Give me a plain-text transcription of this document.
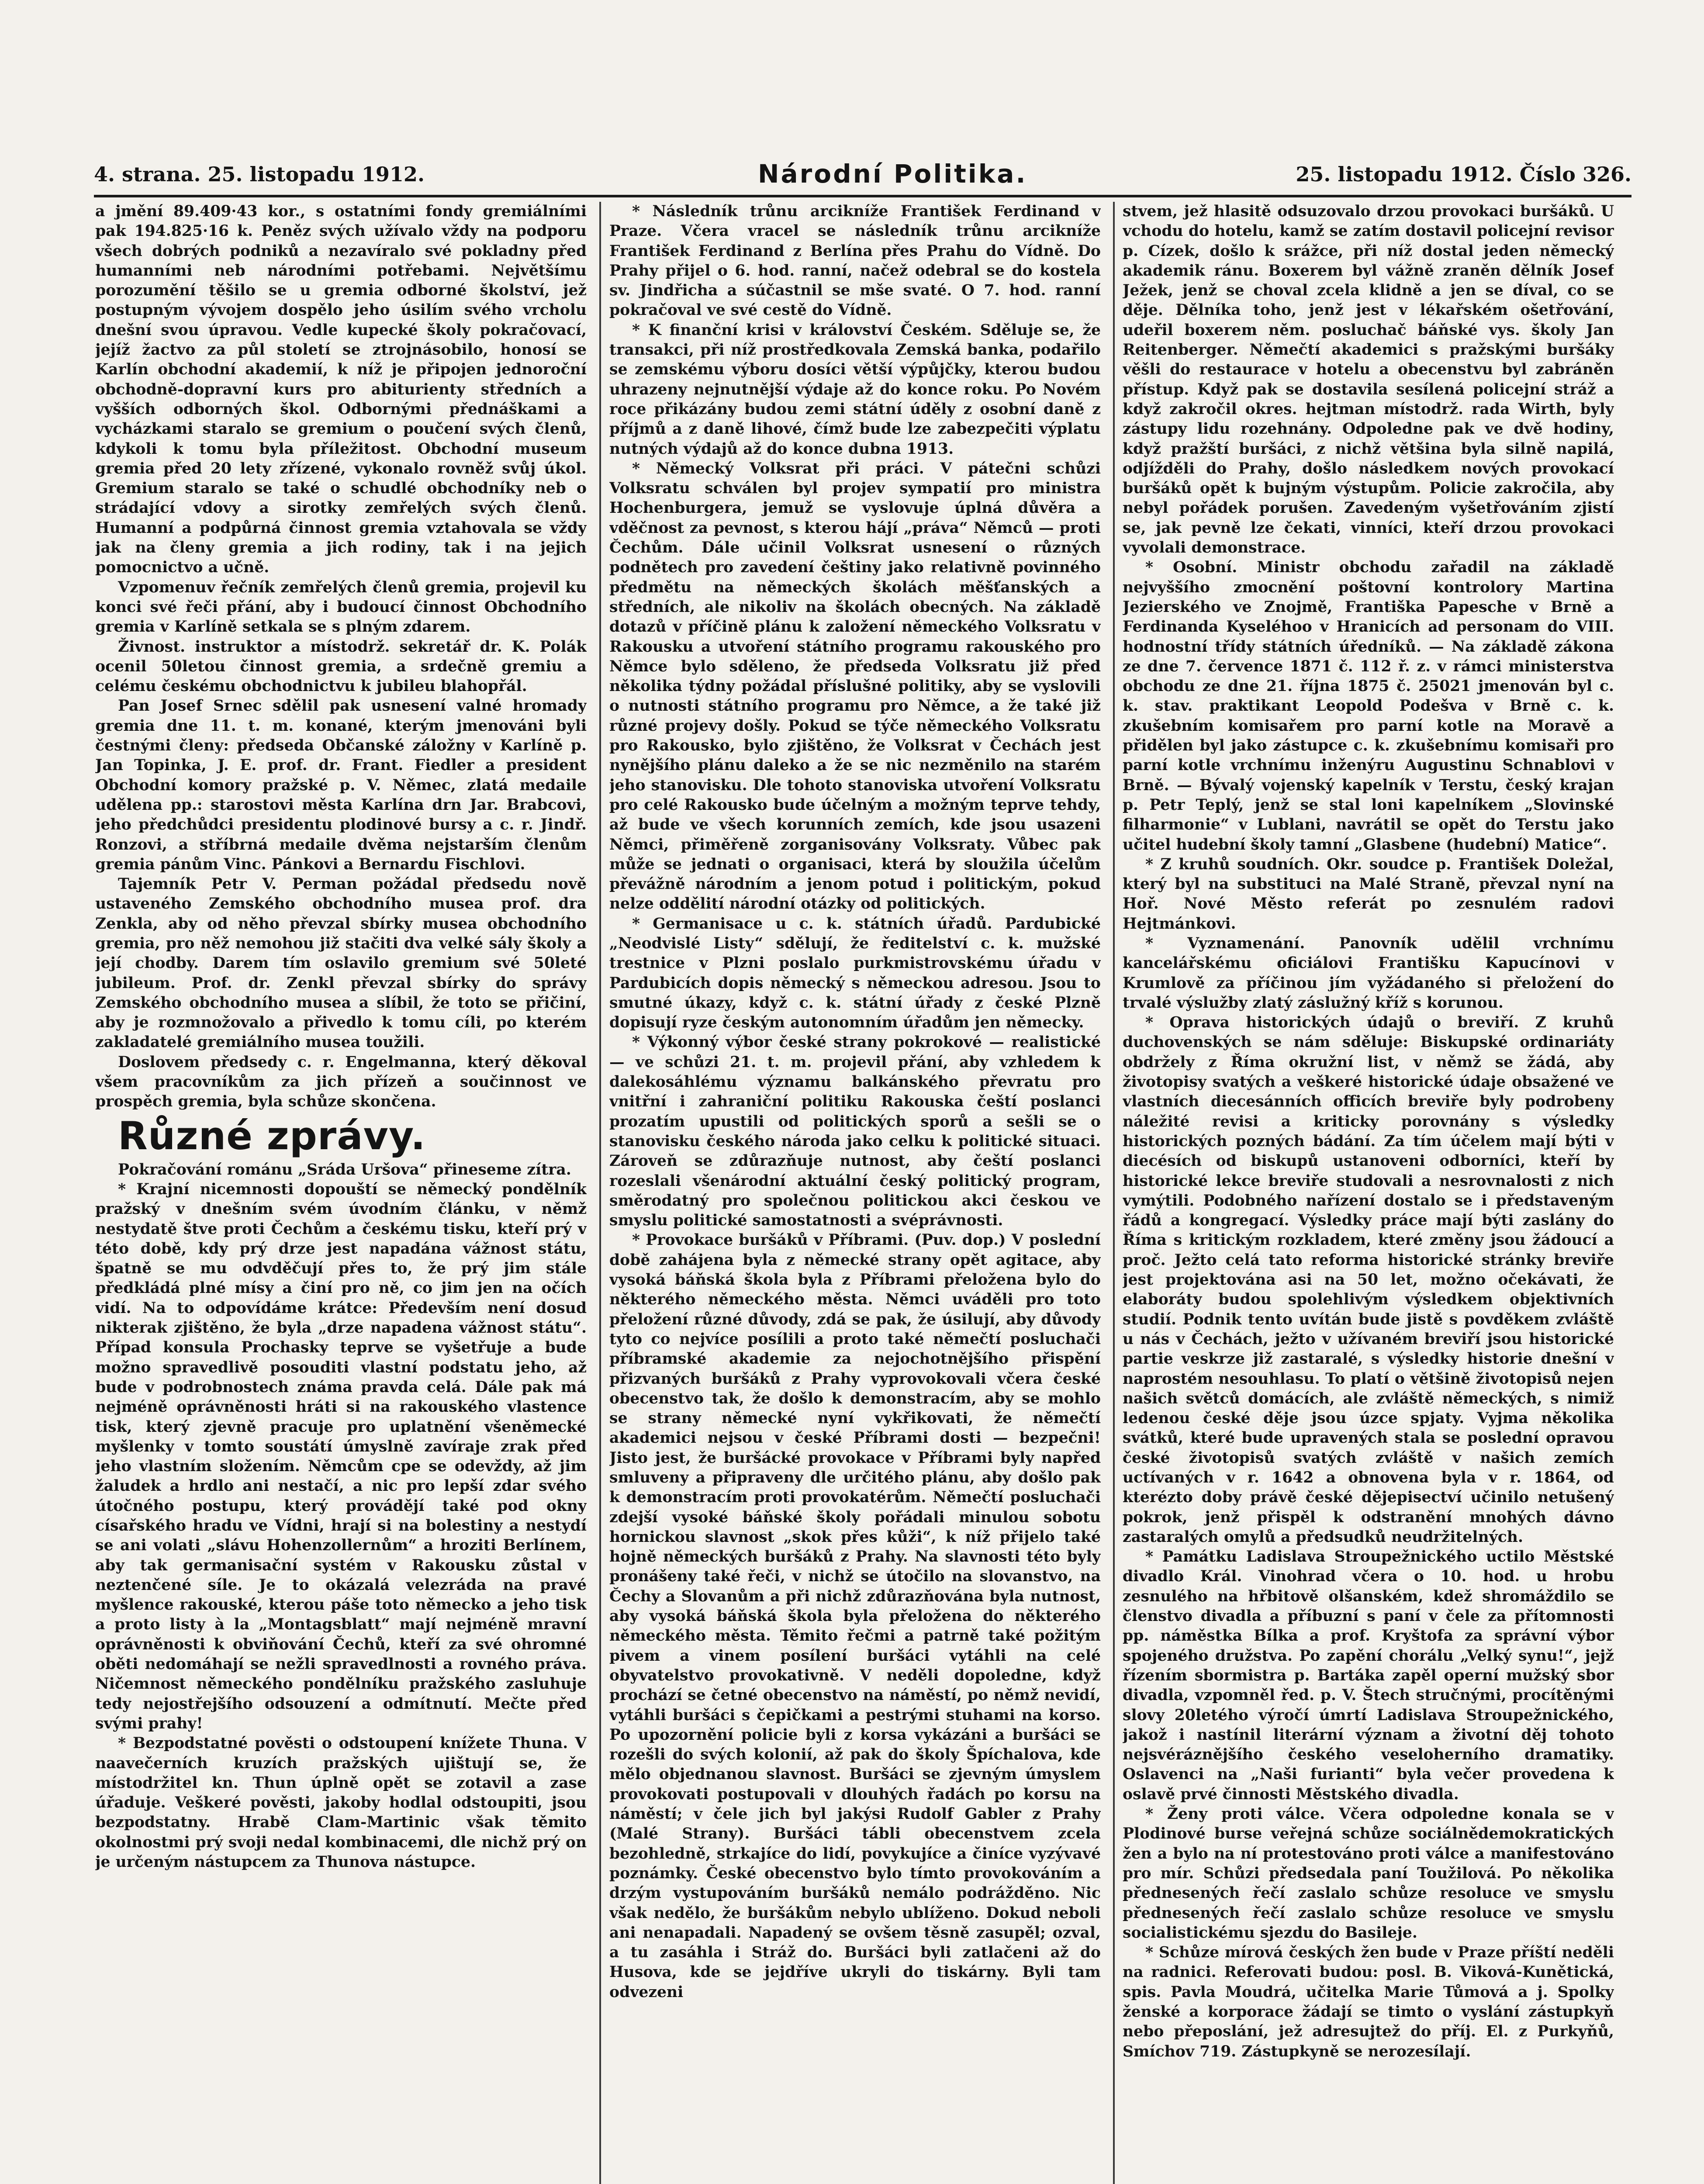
4. strana. 25. listopadu 1912.	Národní Politika.	25. listopadu 1912. Číslo 326.

a jmění 89.409·43 kor., s ostatními fondy gremiálními pak 194.825·16 k. Peněz svých užívalo vždy na podporu všech dobrých podniků a nezavíralo své pokladny před humanními neb národními potřebami. Největšímu porozumění těšilo se u gremia odborné školství, jež postupným vývojem dospělo jeho úsilím svého vrcholu dnešní svou úpravou. Vedle kupecké školy pokračovací, jejíž žactvo za půl století se ztrojnásobilo, honosí se Karlín obchodní akademií, k níž je připojen jednoroční obchodně-dopravní kurs pro abiturienty středních a vyšších odborných škol. Odbornými přednáškami a vycházkami staralo se gremium o poučení svých členů, kdykoli k tomu byla příležitost. Obchodní museum gremia před 20 lety zřízené, vykonalo rovněž svůj úkol. Gremium staralo se také o schudlé obchodníky neb o strádající vdovy a sirotky zemřelých svých členů. Humanní a podpůrná činnost gremia vztahovala se vždy jak na členy gremia a jich rodiny, tak i na jejich pomocnictvo a učně.

Vzpomenuv řečník zemřelých členů gremia, projevil ku konci své řeči přání, aby i budoucí činnost Obchodního gremia v Karlíně setkala se s plným zdarem.

Živnost. instruktor a místodrž. sekretář dr. K. Polák ocenil 50letou činnost gremia, a srdečně gremiu a celému českému obchodnictvu k jubileu blahopřál.

Pan Josef Srnec sdělil pak usnesení valné hromady gremia dne 11. t. m. konané, kterým jmenováni byli čestnými členy: předseda Občanské záložny v Karlíně p. Jan Topinka, J. E. prof. dr. Frant. Fiedler a president Obchodní komory pražské p. V. Němec, zlatá medaile udělena pp.: starostovi města Karlína drn Jar. Brabcovi, jeho předchůdci presidentu plodinové bursy a c. r. Jindř. Ronzovi, a stříbrná medaile dvěma nejstarším členům gremia pánům Vinc. Pánkovi a Bernardu Fischlovi.

Tajemník Petr V. Perman požádal předsedu nově ustaveného Zemského obchodního musea prof. dra Zenkla, aby od něho převzal sbírky musea obchodního gremia, pro něž nemohou již stačiti dva velké sály školy a její chodby. Darem tím oslavilo gremium své 50leté jubileum. Prof. dr. Zenkl převzal sbírky do správy Zemského obchodního musea a slíbil, že toto se přičiní, aby je rozmnožovalo a přivedlo k tomu cíli, po kterém zakladatelé gremiálního musea toužili.

Doslovem předsedy c. r. Engelmanna, který děkoval všem pracovníkům za jich přízeň a součinnost ve prospěch gremia, byla schůze skončena.

Různé zprávy.

Pokračování románu „Sráda Uršova“ přineseme zítra.

* Krajní nicemnosti dopouští se německý pondělník pražský v dnešním svém úvodním článku, v němž nestydatě štve proti Čechům a českému tisku, kteří prý v této době, kdy prý drze jest napadána vážnost státu, špatně se mu odvděčují přes to, že prý jim stále předkládá plné mísy a činí pro ně, co jim jen na očích vidí. Na to odpovídáme krátce: Především není dosud nikterak zjištěno, že byla „drze napadena vážnost státu“. Případ konsula Prochasky teprve se vyšetřuje a bude možno spravedlivě posouditi vlastní podstatu jeho, až bude v podrobnostech známa pravda celá. Dále pak má nejméně oprávněnosti hráti si na rakouského vlastence tisk, který zjevně pracuje pro uplatnění všeněmecké myšlenky v tomto soustátí úmyslně zavíraje zrak před jeho vlastním složením. Němcům cpe se odevždy, až jim žaludek a hrdlo ani nestačí, a nic pro lepší zdar svého útočného postupu, který provádějí také pod okny císařského hradu ve Vídni, hrají si na bolestiny a nestydí se ani volati „slávu Hohenzollernům“ a hroziti Berlínem, aby tak germanisační systém v Rakousku zůstal v neztenčené síle. Je to okázalá velezráda na pravé myšlence rakouské, kterou páše toto německo a jeho tisk a proto listy à la „Montagsblatt“ mají nejméně mravní oprávněnosti k obviňování Čechů, kteří za své ohromné oběti nedomáhají se nežli spravedlnosti a rovného práva. Ničemnost německého pondělníku pražského zasluhuje tedy nejostřejšího odsouzení a odmítnutí. Mečte před svými prahy!

* Bezpodstatné pověsti o odstoupení knížete Thuna. V naavečerních kruzích pražských ujištují se, že místodržitel kn. Thun úplně opět se zotavil a zase úřaduje. Veškeré pověsti, jakoby hodlal odstoupiti, jsou bezpodstatny. Hrabě Clam-Martinic však těmito okolnostmi prý svoji nedal kombinacemi, dle nichž prý on je určeným nástupcem za Thunova nástupce.

* Následník trůnu arcikníže František Ferdinand v Praze. Včera vracel se následník trůnu arcikníže František Ferdinand z Berlína přes Prahu do Vídně. Do Prahy přijel o 6. hod. ranní, načež odebral se do kostela sv. Jindřicha a súčastnil se mše svaté. O 7. hod. ranní pokračoval ve své cestě do Vídně.

* K finanční krisi v království Českém. Sděluje se, že transakci, při níž prostředkovala Zemská banka, podařilo se zemskému výboru dosíci větší výpůjčky, kterou budou uhrazeny nejnutnější výdaje až do konce roku. Po Novém roce přikázány budou zemi státní úděly z osobní daně z příjmů a z daně lihové, čímž bude lze zabezpečiti výplatu nutných výdajů až do konce dubna 1913.

* Německý Volksrat při práci. V pátečni schůzi Volksratu schválen byl projev sympatií pro ministra Hochenburgera, jemuž se vyslovuje úplná důvěra a vděčnost za pevnost, s kterou hájí „práva“ Němců — proti Čechům. Dále učinil Volksrat usnesení o různých podnětech pro zavedení češtiny jako relativně povinného předmětu na německých školách měšťanských a středních, ale nikoliv na školách obecných. Na základě dotazů v příčině plánu k založení německého Volksratu v Rakousku a utvoření státního programu rakouského pro Němce bylo sděleno, že předseda Volksratu již před několika týdny požádal příslušné politiky, aby se vyslovili o nutnosti státního programu pro Němce, a že také již různé projevy došly. Pokud se týče německého Volksratu pro Rakousko, bylo zjištěno, že Volksrat v Čechách jest nynějšího plánu daleko a že se nic nezměnilo na starém jeho stanovisku. Dle tohoto stanoviska utvoření Volksratu pro celé Rakousko bude účelným a možným teprve tehdy, až bude ve všech korunních zemích, kde jsou usazeni Němci, přiměřeně zorganisovány Volksraty. Vůbec pak může se jednati o organisaci, která by sloužila účelům převážně národním a jenom potud i politickým, pokud nelze oddělití národní otázky od politických.

* Germanisace u c. k. státních úřadů. Pardubické „Neodvislé Listy“ sdělují, že ředitelství c. k. mužské trestnice v Plzni poslalo purkmistrovskému úřadu v Pardubicích dopis německý s německou adresou. Jsou to smutné úkazy, když c. k. státní úřady z české Plzně dopisují ryze českým autonomním úřadům jen německy.

* Výkonný výbor české strany pokrokové — realistické — ve schůzi 21. t. m. projevil přání, aby vzhledem k dalekosáhlému významu balkánského převratu pro vnitřní i zahraniční politiku Rakouska čeští poslanci prozatím upustili od politických sporů a sešli se o stanovisku českého národa jako celku k politické situaci. Zároveň se zdůrazňuje nutnost, aby čeští poslanci rozeslali všenárodní aktuální český politický program, směrodatný pro společnou politickou akci českou ve smyslu politické samostatnosti a svéprávnosti.

* Provokace buršáků v Příbrami. (Puv. dop.) V poslední době zahájena byla z německé strany opět agitace, aby vysoká báňská škola byla z Příbrami přeložena bylo do některého německého města. Němci uváděli pro toto přeložení různé důvody, zdá se pak, že úsilují, aby důvody tyto co nejvíce posílili a proto také němečtí posluchači příbramské akademie za nejochotnějšího přispění přizvaných buršáků z Prahy vyprovokovali včera české obecenstvo tak, že došlo k demonstracím, aby se mohlo se strany německé nyní vykřikovati, že němečtí akademici nejsou v české Příbrami dosti — bezpečni! Jisto jest, že buršácké provokace v Příbrami byly napřed smluveny a připraveny dle určitého plánu, aby došlo pak k demonstracím proti provokatérům. Němečtí posluchači zdejší vysoké báňské školy pořádali minulou sobotu hornickou slavnost „skok přes kůži“, k níž přijelo také hojně německých buršáků z Prahy. Na slavnosti této byly pronášeny také řeči, v nichž se útočilo na slovanstvo, na Čechy a Slovanům a při nichž zdůrazňována byla nutnost, aby vysoká báňská škola byla přeložena do některého německého města. Těmito řečmi a patrně také požitým pivem a vinem posílení buršáci vytáhli na celé obyvatelstvo provokativně. V neděli dopoledne, když prochází se četné obecenstvo na náměstí, po němž nevidí, vytáhli buršáci s čepičkami a pestrými stuhami na korso. Po upozornění policie byli z korsa vykázáni a buršáci se rozešli do svých kolonií, až pak do školy Špíchalova, kde mělo objednanou slavnost. Buršáci se zjevným úmyslem provokovati postupovali v dlouhých řadách po korsu na náměstí; v čele jich byl jakýsi Rudolf Gabler z Prahy (Malé Strany). Buršáci tábli obecenstvem zcela bezohledně, strkajíce do lidí, povykujíce a činíce vyzývavé poznámky. České obecenstvo bylo tímto provokováním a drzým vystupováním buršáků nemálo podrážděno. Nic však nedělo, že buršákům nebylo ublíženo. Dokud neboli ani nenapadali. Napadený se ovšem těsně zasupěl; ozval, a tu zasáhla i Stráž do. Buršáci byli zatlačeni až do Husova, kde se jejdříve ukryli do tiskárny. Byli tam odvezeni

stvem, jež hlasitě odsuzovalo drzou provokaci buršáků. U vchodu do hotelu, kamž se zatím dostavil policejní revisor p. Cízek, došlo k srážce, při níž dostal jeden německý akademik ránu. Boxerem byl vážně zraněn dělník Josef Ježek, jenž se choval zcela klidně a jen se díval, co se děje. Dělníka toho, jenž jest v lékařském ošetřování, udeřil boxerem něm. posluchač báňské vys. školy Jan Reitenberger. Němečtí akademici s pražskými buršáky věšli do restaurace v hotelu a obecenstvu byl zabráněn přístup. Když pak se dostavila sesílená policejní stráž a když zakročil okres. hejtman místodrž. rada Wirth, byly zástupy lidu rozehnány. Odpoledne pak ve dvě hodiny, když pražští buršáci, z nichž většina byla silně napilá, odjížděli do Prahy, došlo následkem nových provokací buršáků opět k bujným výstupům. Policie zakročila, aby nebyl pořádek porušen. Zavedeným vyšetřováním zjistí se, jak pevně lze čekati, vinníci, kteří drzou provokaci vyvolali demonstrace.

* Osobní. Ministr obchodu zařadil na základě nejvyššího zmocnění poštovní kontrolory Martina Jezierského ve Znojmě, Františka Papesche v Brně a Ferdinanda Kyseléhoo v Hranicích ad personam do VIII. hodnostní třídy státních úředníků. — Na základě zákona ze dne 7. července 1871 č. 112 ř. z. v rámci ministerstva obchodu ze dne 21. října 1875 č. 25021 jmenován byl c. k. stav. praktikant Leopold Podešva v Brně c. k. zkušebním komisařem pro parní kotle na Moravě a přidělen byl jako zástupce c. k. zkušebnímu komisaři pro parní kotle vrchnímu inženýru Augustinu Schnablovi v Brně. — Bývalý vojenský kapelník v Terstu, český krajan p. Petr Teplý, jenž se stal loni kapelníkem „Slovinské filharmonie“ v Lublani, navrátil se opět do Terstu jako učitel hudební školy tamní „Glasbene (hudební) Matice“.

* Z kruhů soudních. Okr. soudce p. František Doležal, který byl na substituci na Malé Straně, převzal nyní na Hoř. Nové Město referát po zesnulém radovi Hejtmánkovi.

* Vyznamenání. Panovník udělil vrchnímu kancelářskému oficiálovi Františku Kapucínovi v Krumlově za příčinou jím vyžádaného si přeložení do trvalé výslužby zlatý záslužný kříž s korunou.

* Oprava historických údajů o breviří. Z kruhů duchovenských se nám sděluje: Biskupské ordinariáty obdržely z Říma okružní list, v němž se žádá, aby životopisy svatých a veškeré historické údaje obsažené ve vlastních diecesánních officích breviře byly podrobeny náležité revisi a kriticky porovnány s výsledky historických pozných bádání. Za tím účelem mají býti v diecésích od biskupů ustanoveni odborníci, kteří by historické lekce breviře studovali a nesrovnalosti z nich vymýtili. Podobného nařízení dostalo se i představeným řádů a kongregací. Výsledky práce mají býti zaslány do Říma s kritickým rozkladem, které změny jsou žádoucí a proč. Ježto celá tato reforma historické stránky breviře jest projektována asi na 50 let, možno očekávati, že elaboráty budou spolehlivým výsledkem objektivních studií. Podnik tento uvítán bude jistě s povděkem zvláště u nás v Čechách, ježto v užívaném breviří jsou historické partie veskrze již zastaralé, s výsledky historie dnešní v naprostém nesouhlasu. To platí o většině životopisů nejen našich světců domácích, ale zvláště německých, s nimiž ledenou české děje jsou úzce spjaty. Vyjma několika svátků, které bude upravených stala se poslední opravou české životopisů svatých zvláště v našich zemích uctívaných v r. 1642 a obnovena byla v r. 1864, od kterézto doby právě české dějepisectví učinilo netušený pokrok, jenž přispěl k odstranění mnohých dávno zastaralých omylů a předsudků neudržitelných.

* Památku Ladislava Stroupežnického uctilo Městské divadlo Král. Vinohrad včera o 10. hod. u hrobu zesnulého na hřbitově olšanském, kdež shromáždilo se členstvo divadla a příbuzní s paní v čele za přítomnosti pp. náměstka Bílka a prof. Kryštofa za správní výbor spojeného družstva. Po zapění chorálu „Velký synu!“, jejž řízením sbormistra p. Bartáka zapěl operní mužský sbor divadla, vzpomněl řed. p. V. Štech stručnými, procítěnými slovy 20letého výročí úmrtí Ladislava Stroupežnického, jakož i nastínil literární význam a životní děj tohoto nejsvéráznějšího českého veseloherního dramatiky. Oslavenci na „Naši furianti“ byla večer provedena k oslavě prvé činnosti Městského divadla.

* Ženy proti válce. Včera odpoledne konala se v Plodinové burse veřejná schůze sociálnědemokratických žen a bylo na ní protestováno proti válce a manifestováno pro mír. Schůzi předsedala paní Toužilová. Po několika přednesených řečí zaslalo schůze resoluce ve smyslu přednesených řečí zaslalo schůze resoluce ve smyslu socialistickému sjezdu do Basileje.

* Schůze mírová českých žen bude v Praze příští neděli na radnici. Referovati budou: posl. B. Viková-Kunětická, spis. Pavla Moudrá, učitelka Marie Tůmová a j. Spolky ženské a korporace žádají se timto o vyslání zástupkyň nebo přeposlání, jež adresujtež do příj. El. z Purkyňů, Smíchov 719. Zástupkyně se nerozesílají.
